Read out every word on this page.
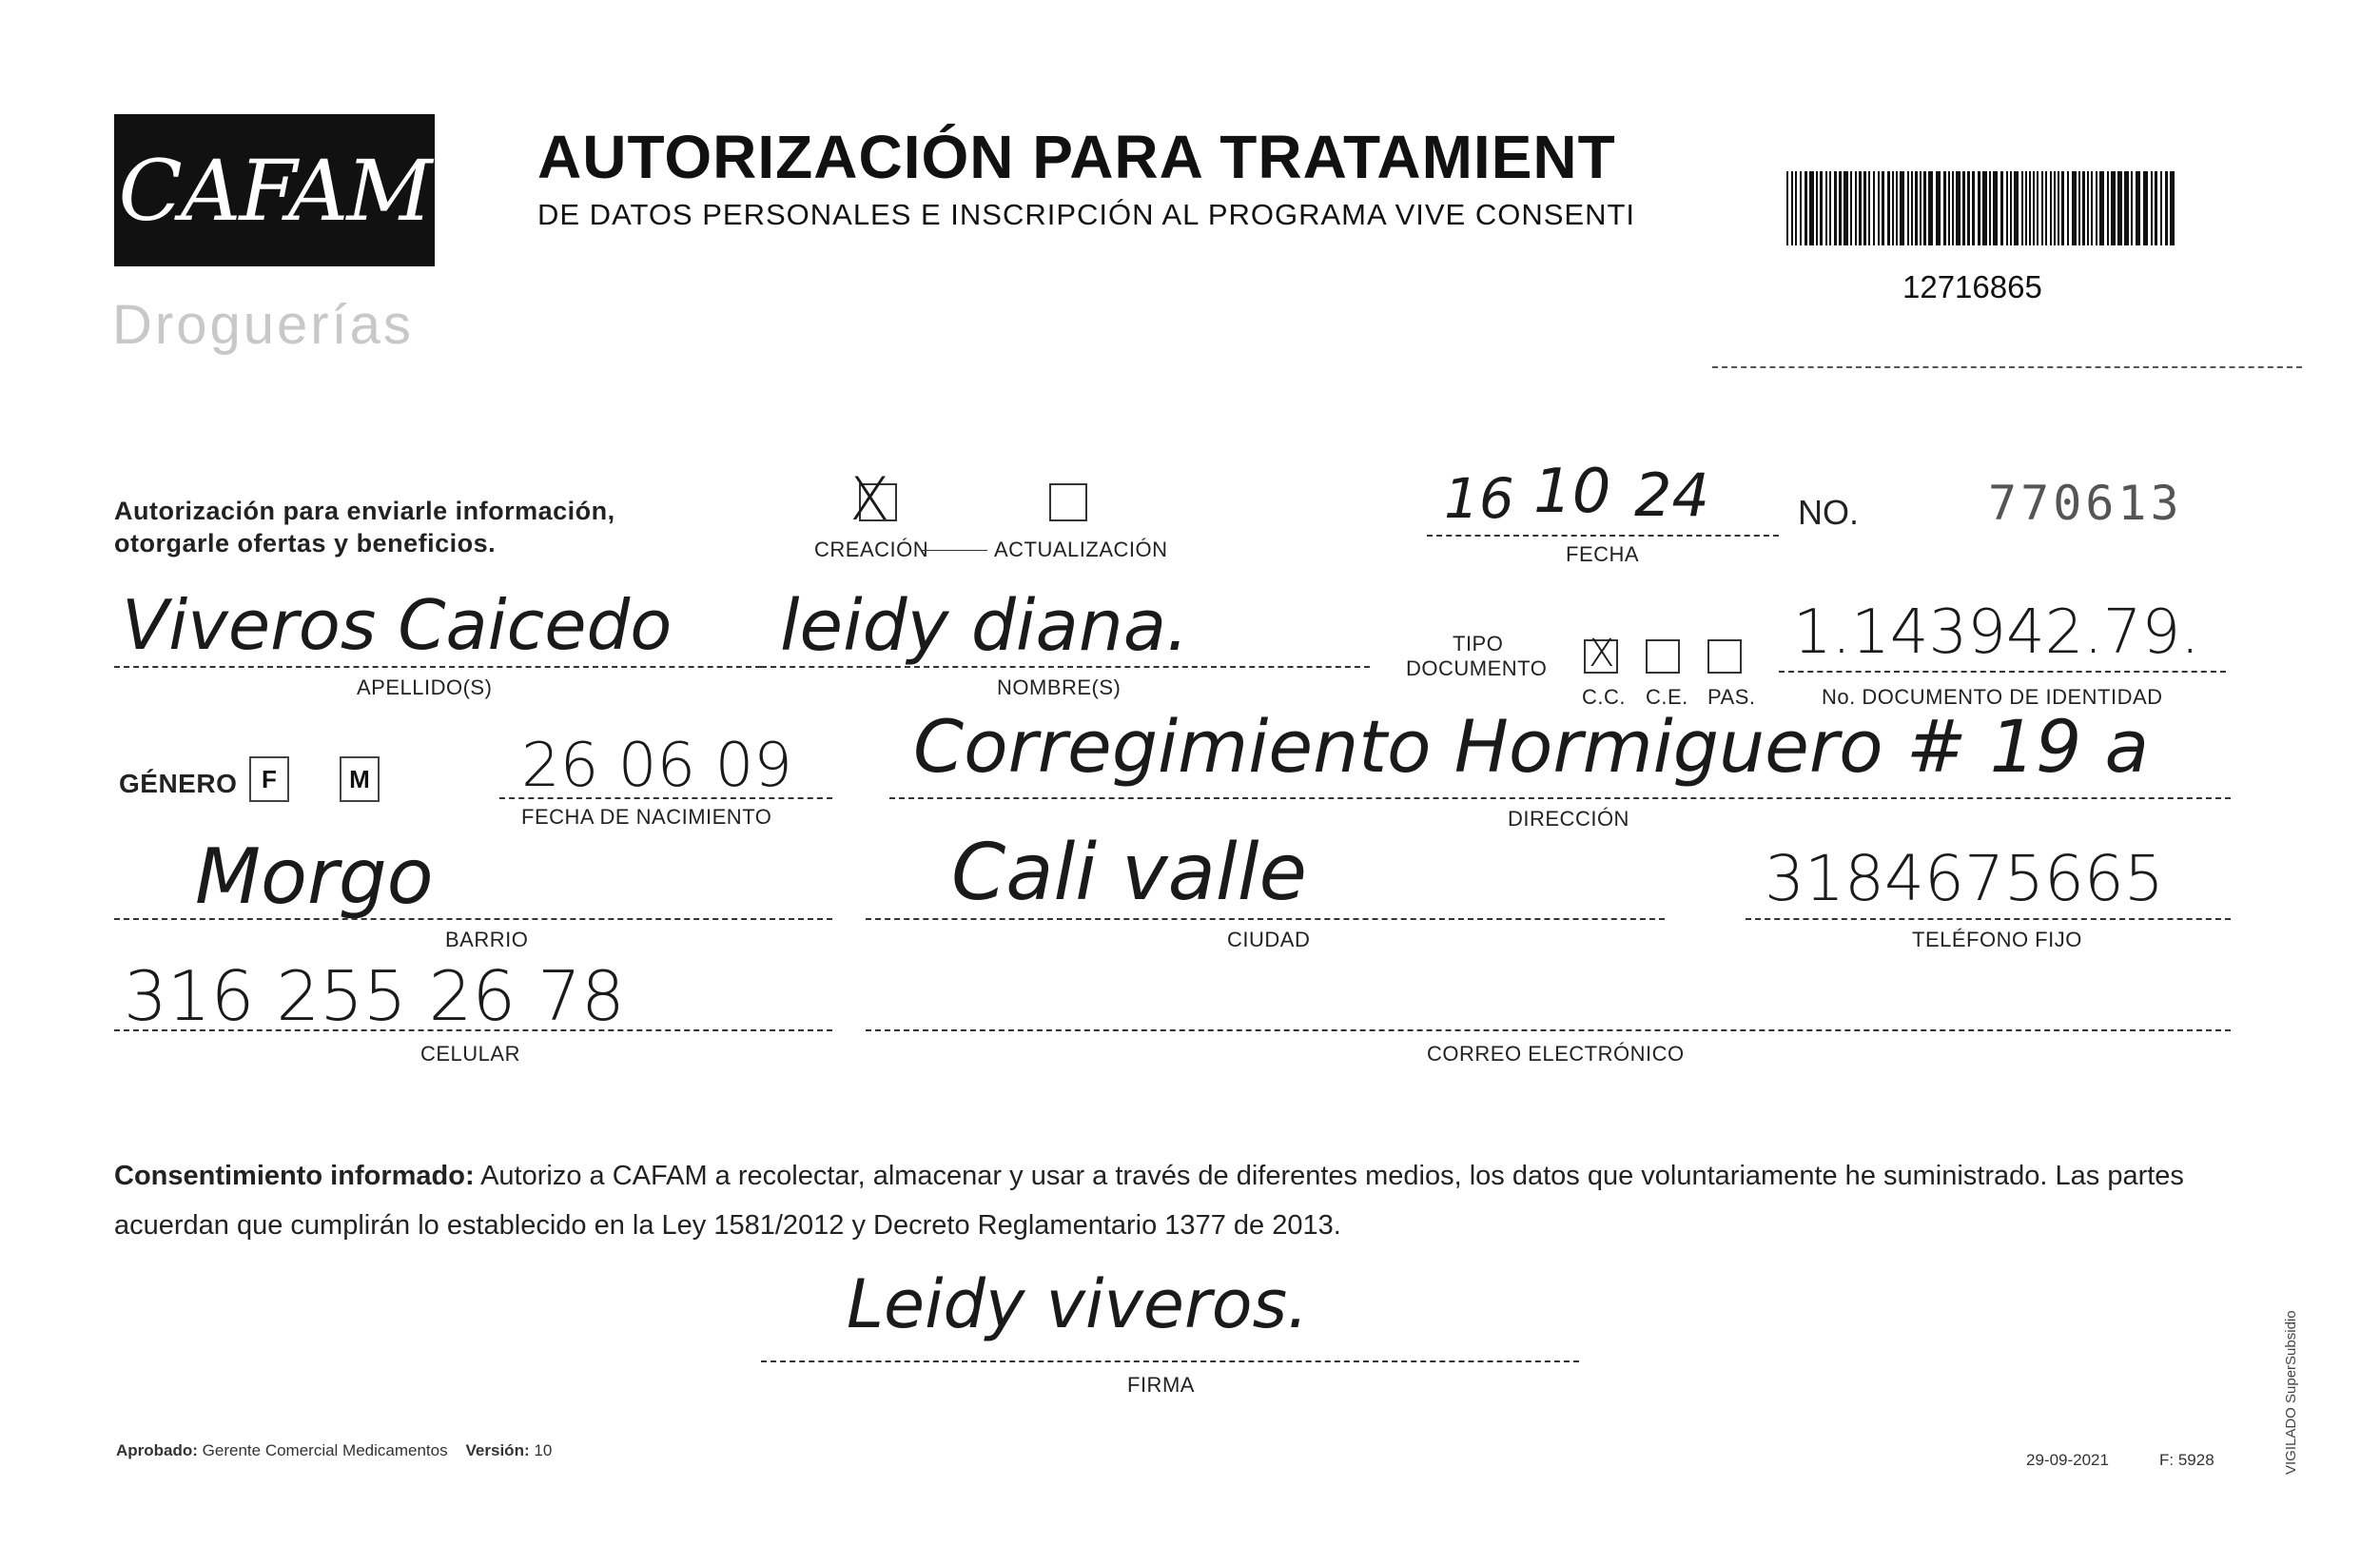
CAFAM
Droguerías
AUTORIZACIÓN PARA TRATAMIENT
DE DATOS PERSONALES E INSCRIPCIÓN AL PROGRAMA VIVE CONSENTI
12716865
Autorización para enviarle información,
otorgarle ofertas y beneficios.
X
CREACIÓN	ACTUALIZACIÓN
16 10 24
FECHA
NO.	770613
Viveros Caicedo
APELLIDO(S)
leidy diana.
NOMBRE(S)
TIPO
DOCUMENTO X
C.C. C.E. PAS.
1.143942.79.
No. DOCUMENTO DE IDENTIDAD
GÉNERO F	M 26 06 09
FECHA DE NACIMIENTO
Corregimiento Hormiguero # 19 a
DIRECCIÓN
Morgo
BARRIO
Cali valle
CIUDAD
3184675665
TELÉFONO FIJO
316 255 26 78
CELULAR	CORREO ELECTRÓNICO
Consentimiento informado: Autorizo a CAFAM a recolectar, almacenar y usar a través de diferentes medios, los datos que voluntariamente he suministrado. Las partes acuerdan que cumplirán lo establecido en la Ley 1581/2012 y Decreto Reglamentario 1377 de 2013.
Leidy viveros.
FIRMA
Aprobado: Gerente Comercial Medicamentos Versión: 10
29-09-2021	F: 5928	VIGILADO SuperSubsidio
